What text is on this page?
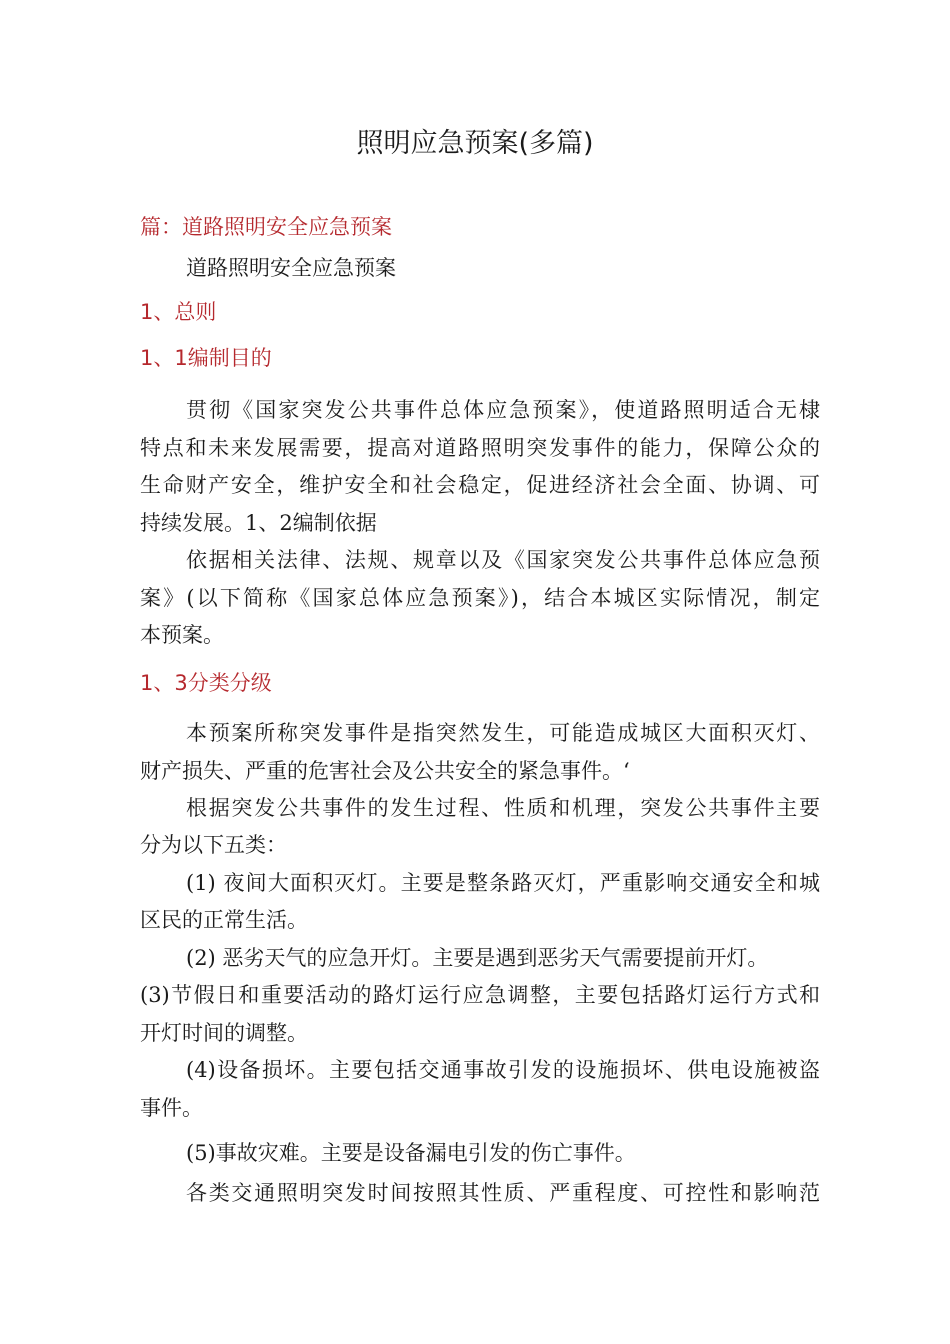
照明应急预案(多篇)
篇：道路照明安全应急预案
道路照明安全应急预案
1、总则
1、1编制目的
贯彻《国家突发公共事件总体应急预案》，使道路照明适合无棣
特点和未来发展需要，提高对道路照明突发事件的能力，保障公众的
生命财产安全，维护安全和社会稳定，促进经济社会全面、协调、可
持续发展。1、2编制依据
依据相关法律、法规、规章以及《国家突发公共事件总体应急预
案》(以下简称《国家总体应急预案》)，结合本城区实际情况，制定
本预案。
1、3分类分级
本预案所称突发事件是指突然发生，可能造成城区大面积灭灯、
财产损失、严重的危害社会及公共安全的紧急事件。‘
根据突发公共事件的发生过程、性质和机理，突发公共事件主要
分为以下五类：
(1) 夜间大面积灭灯。主要是整条路灭灯，严重影响交通安全和城
区民的正常生活。
(2) 恶劣天气的应急开灯。主要是遇到恶劣天气需要提前开灯。
(3)节假日和重要活动的路灯运行应急调整，主要包括路灯运行方式和
开灯时间的调整。
(4)设备损坏。主要包括交通事故引发的设施损坏、供电设施被盗
事件。
(5)事故灾难。主要是设备漏电引发的伤亡事件。
各类交通照明突发时间按照其性质、严重程度、可控性和影响范
